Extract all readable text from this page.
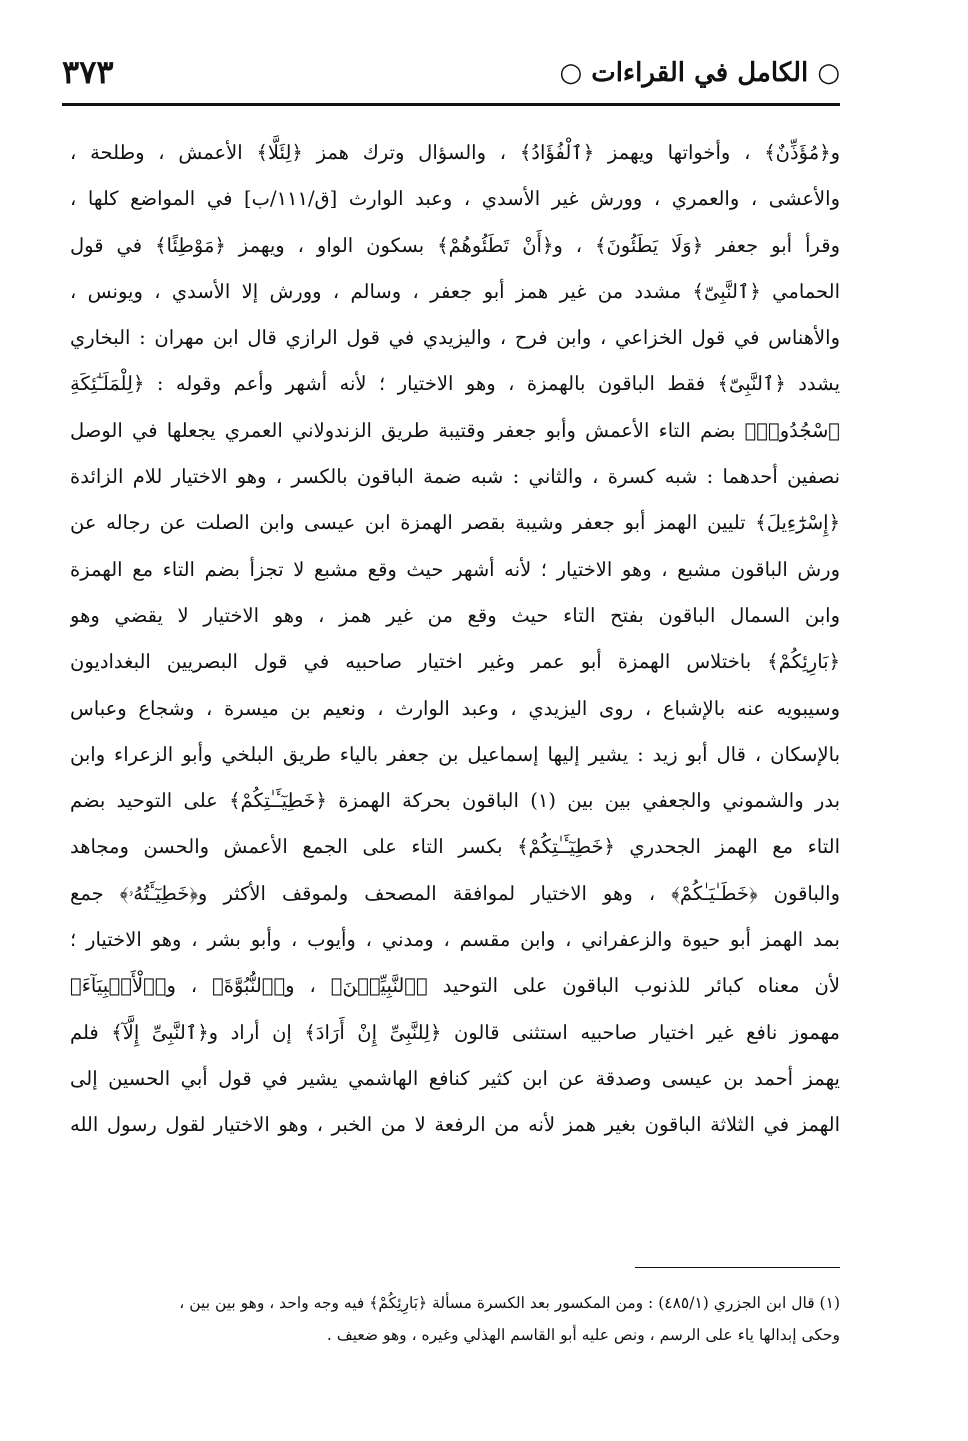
○ الكامل في القراءات ○
٣٧٣
و﴿مُؤَذِّنٌ﴾ ، وأخواتها ويهمز ﴿ٱلْفُؤَادُ﴾ ، والسؤال وترك همز ﴿لِئَلَّا﴾ الأعمش ، وطلحة ،
والأعشى ، والعمري ، وورش غير الأسدي ، وعبد الوارث [ق/١١١/ب] في المواضع كلها ،
وقرأ أبو جعفر ﴿وَلَا يَطَئُونَ﴾ ، و﴿أَنْ تَطَئُوهُمْ﴾ بسكون الواو ، ويهمز ﴿مَوْطِئًا﴾ في قول
الحمامي ﴿ٱلنَّبِىّ﴾ مشدد من غير همز أبو جعفر ، وسالم ، وورش إلا الأسدي ، ويونس ،
والأهناس في قول الخزاعي ، وابن فرح ، واليزيدي في قول الرازي قال ابن مهران : البخاري
يشدد ﴿ٱلنَّبِىّ﴾ فقط الباقون بالهمزة ، وهو الاختيار ؛ لأنه أشهر وأعم وقوله : ﴿لِلْمَلَـٰٓئِكَةِ
ٱسْجُدُوا۟﴾ بضم التاء الأعمش وأبو جعفر وقتيبة طريق الزندولاني العمري يجعلها في الوصل
نصفين أحدهما : شبه كسرة ، والثاني : شبه ضمة الباقون بالكسر ، وهو الاختيار للام الزائدة
﴿إِسْرَٰٓءِيلَ﴾ تليين الهمز أبو جعفر وشيبة بقصر الهمزة ابن عيسى وابن الصلت عن رجاله عن
ورش الباقون مشبع ، وهو الاختيار ؛ لأنه أشهر حيث وقع مشبع لا تجزأ بضم التاء مع الهمزة
وابن السمال الباقون بفتح التاء حيث وقع من غير همز ، وهو الاختيار لا يقضي وهو
﴿بَارِئِكُمْ﴾ باختلاس الهمزة أبو عمر وغير اختيار صاحبيه في قول البصريين البغداديون
وسيبويه عنه بالإشباع ، روى اليزيدي ، وعبد الوارث ، ونعيم بن ميسرة ، وشجاع وعباس
بالإسكان ، قال أبو زيد : يشير إليها إسماعيل بن جعفر بالياء طريق البلخي وأبو الزعراء وابن
بدر والشموني والجعفي بين بين (١) الباقون بحركة الهمزة ﴿خَطِيٓـَٔـٰتِكُمْ﴾ على التوحيد بضم
التاء مع الهمز الجحدري ﴿خَطِيٓـَٔـٰتِكُمْ﴾ بكسر التاء على الجمع الأعمش والحسن ومجاهد
والباقون ﴿خَطَـٰيَـٰكُمْ﴾ ، وهو الاختيار لموافقة المصحف ولموقف الأكثر و﴿خَطِيٓـَٔتُهُۥ﴾ جمع
بمد الهمز أبو حيوة والزعفراني ، وابن مقسم ، ومدني ، وأيوب ، وأبو بشر ، وهو الاختيار ؛
لأن معناه كبائر للذنوب الباقون على التوحيد ﴿ٱلنَّبِيِّـۧنَ﴾ ، و﴿ٱلنُّبُوَّةَ﴾ ، و﴿ٱلْأَنۢبِيَآءَ﴾
مهموز نافع غير اختيار صاحبيه استثنى قالون ﴿لِلنَّبِىِّ إِنْ أَرَادَ﴾ إن أراد و﴿ٱلنَّبِىِّ إِلَّآ﴾ فلم
يهمز أحمد بن عيسى وصدقة عن ابن كثير كنافع الهاشمي يشير في قول أبي الحسين إلى
الهمز في الثلاثة الباقون بغير همز لأنه من الرفعة لا من الخبر ، وهو الاختيار لقول رسول الله
(١) قال ابن الجزري (٤٨٥/١) : ومن المكسور بعد الكسرة مسألة ﴿بَارِئِكُمْ﴾ فيه وجه واحد ، وهو بين بين ،
وحكى إبدالها ياء على الرسم ، ونص عليه أبو القاسم الهذلي وغيره ، وهو ضعيف .
